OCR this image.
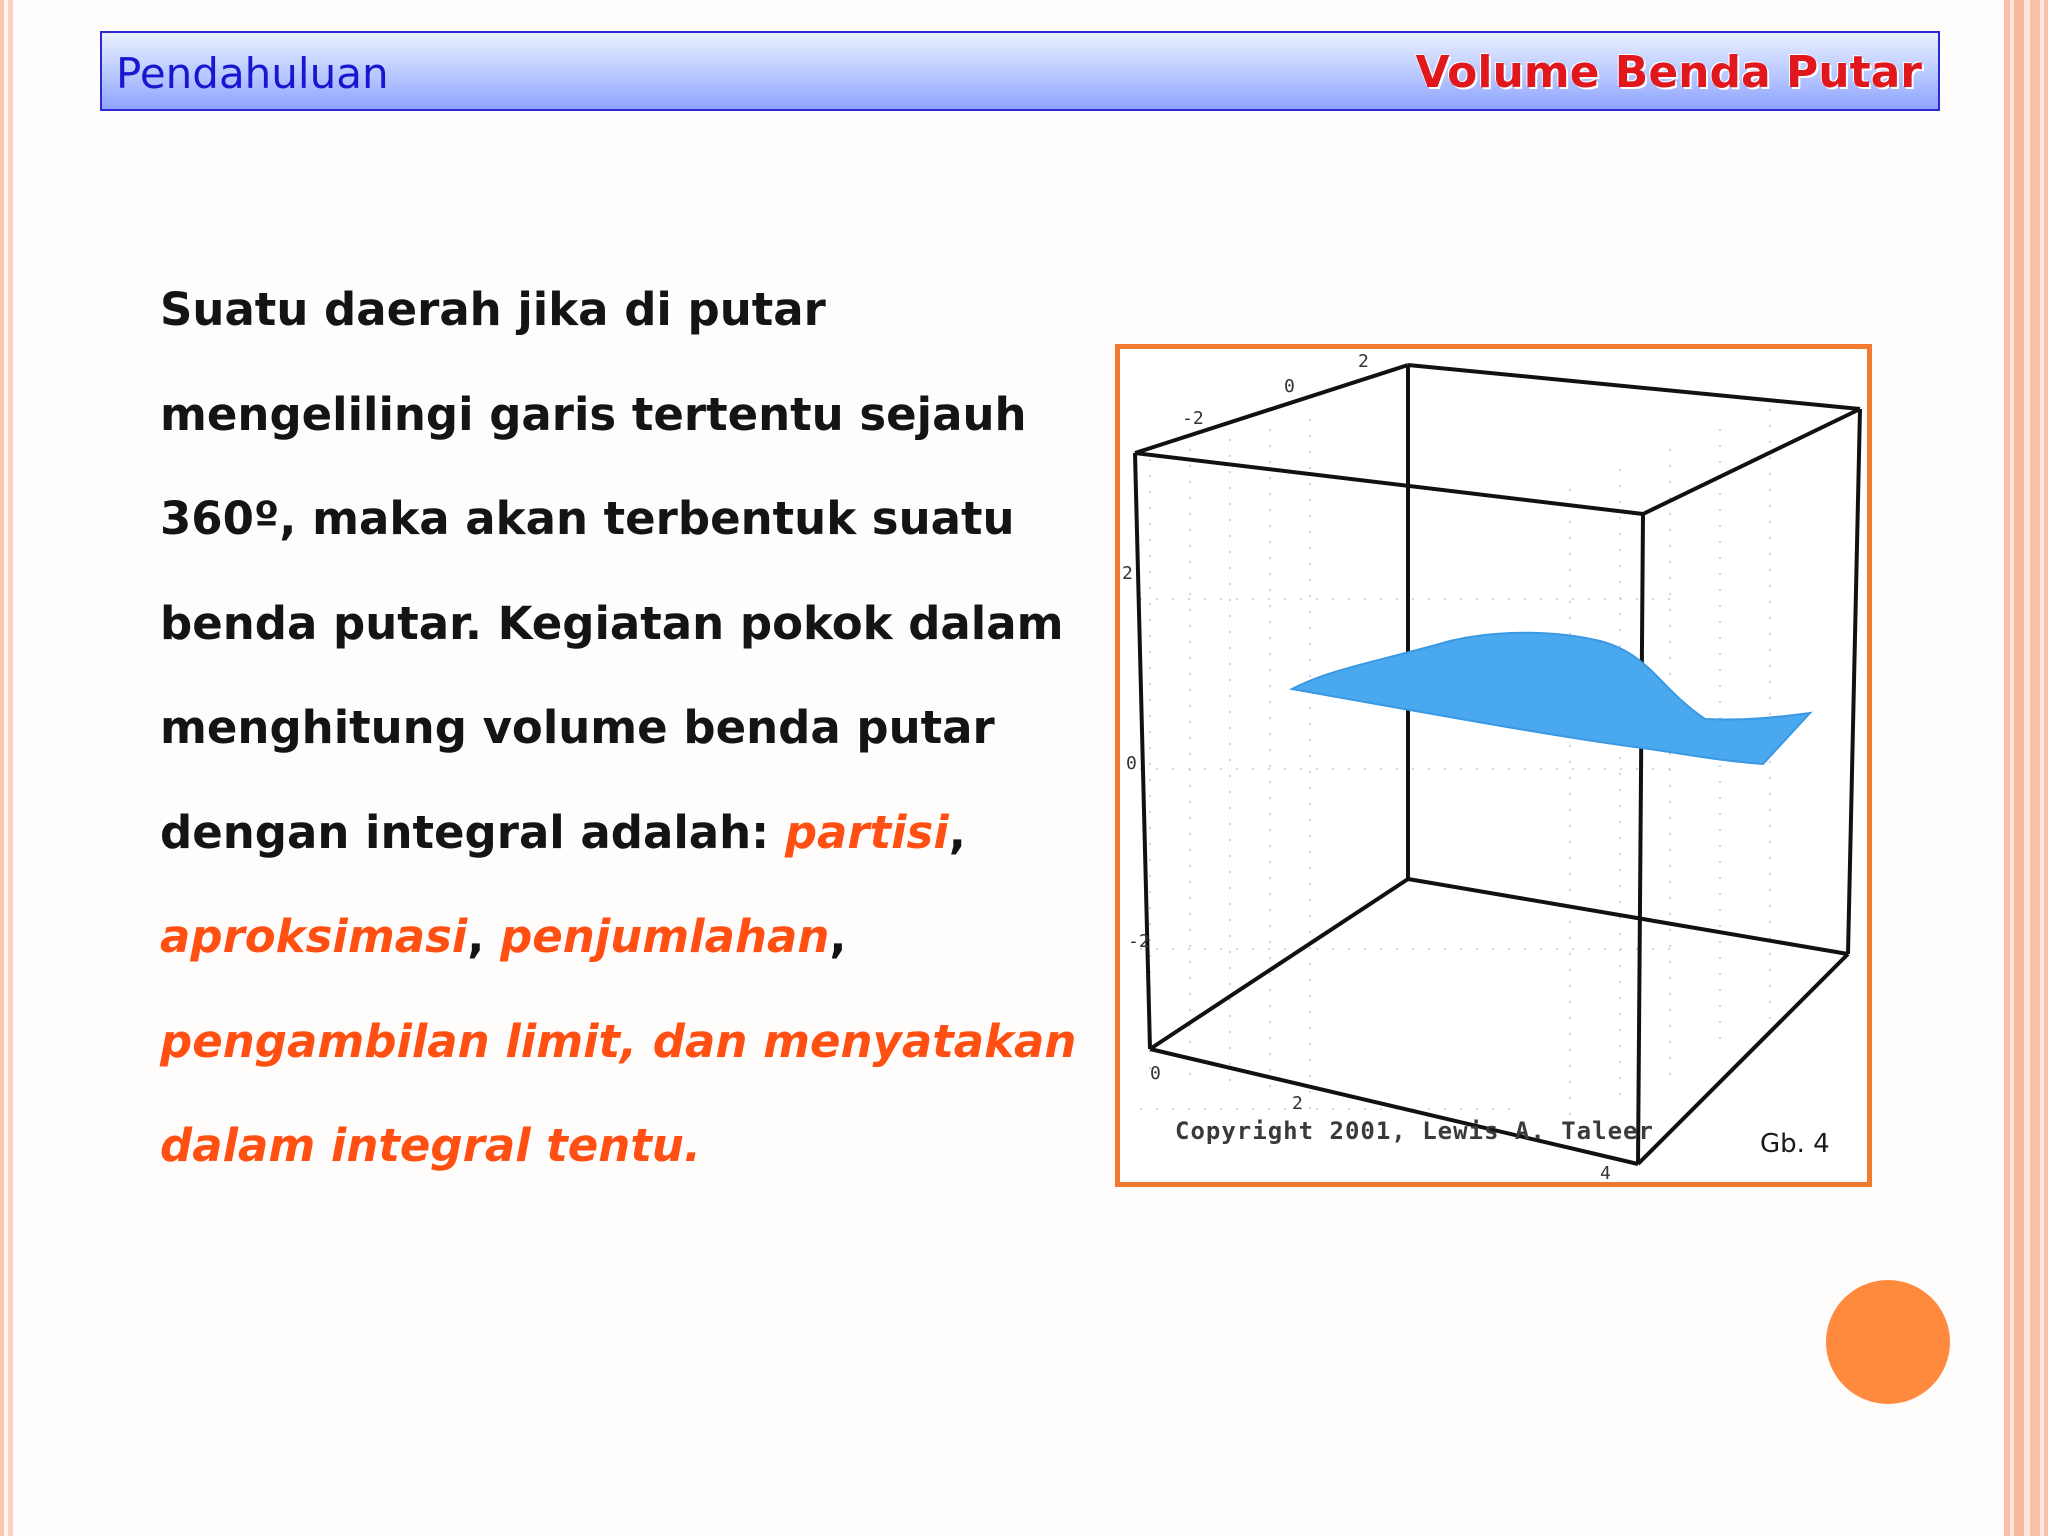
Pendahuluan	Volume Benda Putar

Suatu daerah jika di putar

mengelilingi garis tertentu sejauh

360º, maka akan terbentuk suatu

benda putar. Kegiatan pokok dalam

menghitung volume benda putar

dengan integral adalah: partisi,

aproksimasi, penjumlahan,

pengambilan limit, dan menyatakan

dalam integral tentu.

-2
0
2
2
0
-2
0
2
4
Copyright 2001, Lewis A. Taleer	Gb. 4
